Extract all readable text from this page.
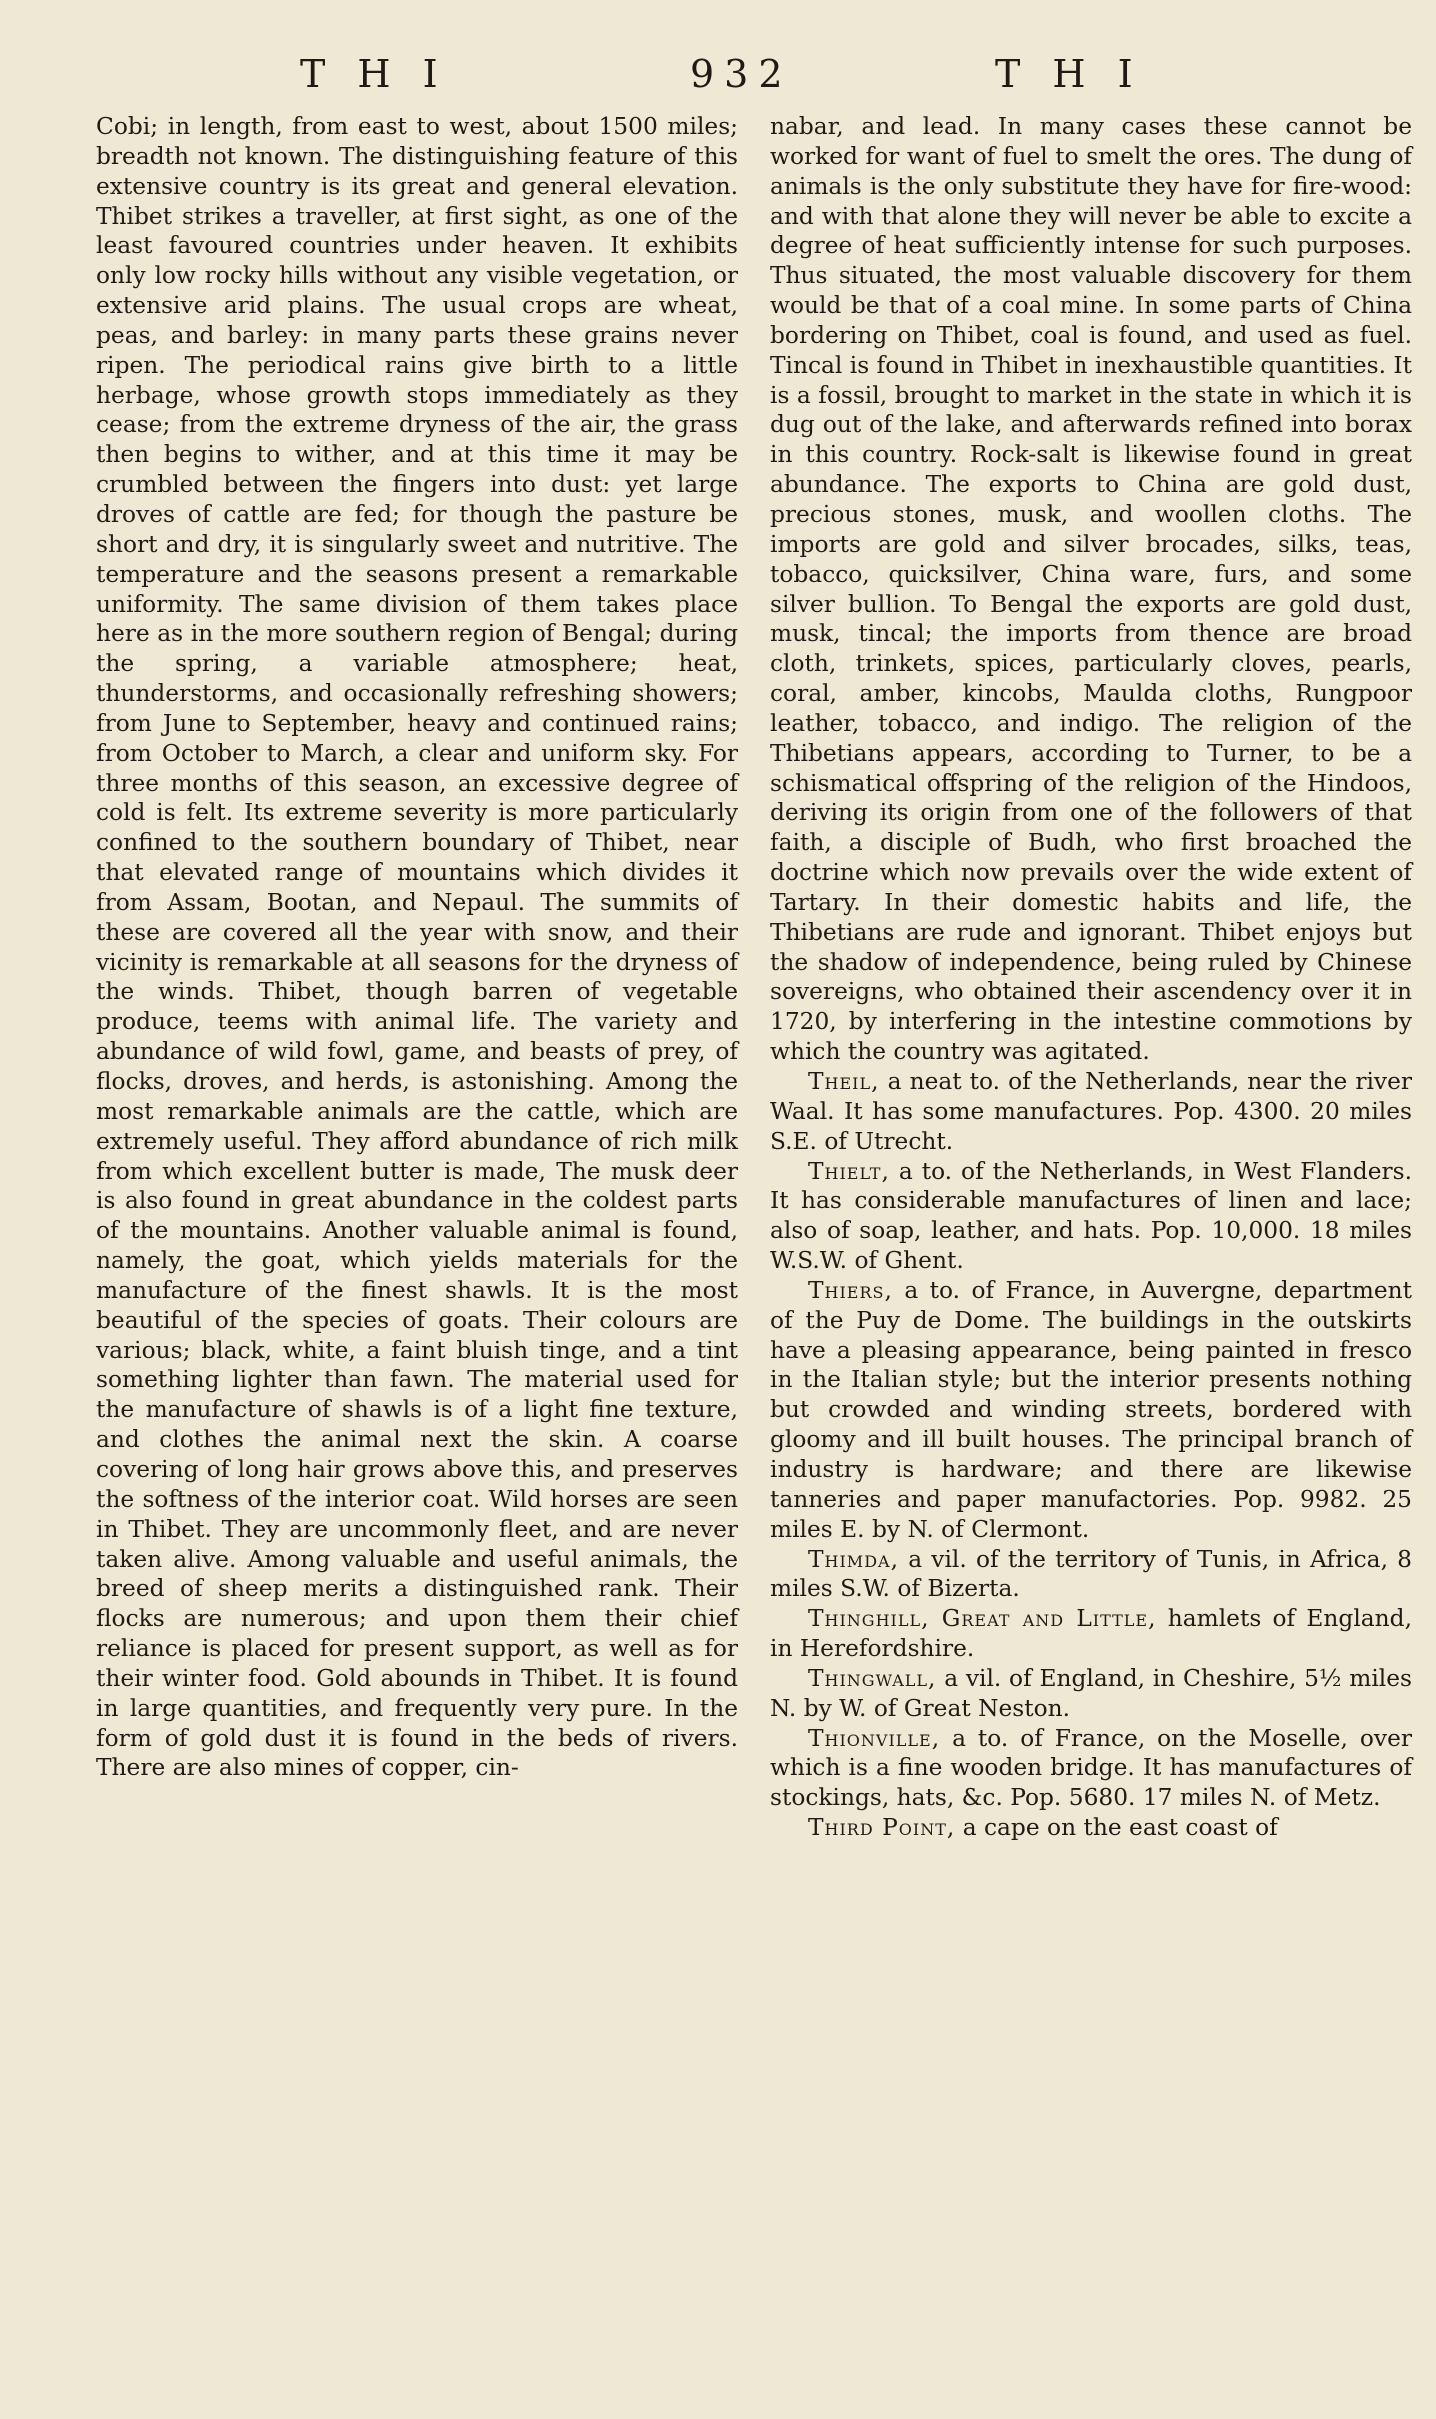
T H I	932	T H I

Cobi; in length, from east to west, about 1500 miles; breadth not known. The distinguishing feature of this extensive country is its great and general elevation. Thibet strikes a traveller, at first sight, as one of the least favoured countries under heaven. It exhibits only low rocky hills without any visible vegetation, or extensive arid plains. The usual crops are wheat, peas, and barley: in many parts these grains never ripen. The periodical rains give birth to a little herbage, whose growth stops immediately as they cease; from the extreme dryness of the air, the grass then begins to wither, and at this time it may be crumbled between the fingers into dust: yet large droves of cattle are fed; for though the pasture be short and dry, it is singularly sweet and nutritive. The temperature and the seasons present a remarkable uniformity. The same division of them takes place here as in the more southern region of Bengal; during the spring, a variable atmosphere; heat, thunderstorms, and occasionally refreshing showers; from June to September, heavy and continued rains; from October to March, a clear and uniform sky. For three months of this season, an excessive degree of cold is felt. Its extreme severity is more particularly confined to the southern boundary of Thibet, near that elevated range of mountains which divides it from Assam, Bootan, and Nepaul. The summits of these are covered all the year with snow, and their vicinity is remarkable at all seasons for the dryness of the winds. Thibet, though barren of vegetable produce, teems with animal life. The variety and abundance of wild fowl, game, and beasts of prey, of flocks, droves, and herds, is astonishing. Among the most remarkable animals are the cattle, which are extremely useful. They afford abundance of rich milk from which excellent butter is made, The musk deer is also found in great abundance in the coldest parts of the mountains. Another valuable animal is found, namely, the goat, which yields materials for the manufacture of the finest shawls. It is the most beautiful of the species of goats. Their colours are various; black, white, a faint bluish tinge, and a tint something lighter than fawn. The material used for the manufacture of shawls is of a light fine texture, and clothes the animal next the skin. A coarse covering of long hair grows above this, and preserves the softness of the interior coat. Wild horses are seen in Thibet. They are uncommonly fleet, and are never taken alive. Among valuable and useful animals, the breed of sheep merits a distinguished rank. Their flocks are numerous; and upon them their chief reliance is placed for present support, as well as for their winter food. Gold abounds in Thibet. It is found in large quantities, and frequently very pure. In the form of gold dust it is found in the beds of rivers. There are also mines of copper, cin-

nabar, and lead. In many cases these cannot be worked for want of fuel to smelt the ores. The dung of animals is the only substitute they have for fire-wood: and with that alone they will never be able to excite a degree of heat sufficiently intense for such purposes. Thus situated, the most valuable discovery for them would be that of a coal mine. In some parts of China bordering on Thibet, coal is found, and used as fuel. Tincal is found in Thibet in inexhaustible quantities. It is a fossil, brought to market in the state in which it is dug out of the lake, and afterwards refined into borax in this country. Rock-salt is likewise found in great abundance. The exports to China are gold dust, precious stones, musk, and woollen cloths. The imports are gold and silver brocades, silks, teas, tobacco, quicksilver, China ware, furs, and some silver bullion. To Bengal the exports are gold dust, musk, tincal; the imports from thence are broad cloth, trinkets, spices, particularly cloves, pearls, coral, amber, kincobs, Maulda cloths, Rungpoor leather, tobacco, and indigo. The religion of the Thibetians appears, according to Turner, to be a schismatical offspring of the religion of the Hindoos, deriving its origin from one of the followers of that faith, a disciple of Budh, who first broached the doctrine which now prevails over the wide extent of Tartary. In their domestic habits and life, the Thibetians are rude and ignorant. Thibet enjoys but the shadow of independence, being ruled by Chinese sovereigns, who obtained their ascendency over it in 1720, by interfering in the intestine commotions by which the country was agitated.

Theil, a neat to. of the Netherlands, near the river Waal. It has some manufactures. Pop. 4300. 20 miles S.E. of Utrecht.

Thielt, a to. of the Netherlands, in West Flanders. It has considerable manufactures of linen and lace; also of soap, leather, and hats. Pop. 10,000. 18 miles W.S.W. of Ghent.

Thiers, a to. of France, in Auvergne, department of the Puy de Dome. The buildings in the outskirts have a pleasing appearance, being painted in fresco in the Italian style; but the interior presents nothing but crowded and winding streets, bordered with gloomy and ill built houses. The principal branch of industry is hardware; and there are likewise tanneries and paper manufactories. Pop. 9982. 25 miles E. by N. of Clermont.

Thimda, a vil. of the territory of Tunis, in Africa, 8 miles S.W. of Bizerta.

Thinghill, Great and Little, hamlets of England, in Herefordshire.

Thingwall, a vil. of England, in Cheshire, 5½ miles N. by W. of Great Neston.

Thionville, a to. of France, on the Moselle, over which is a fine wooden bridge. It has manufactures of stockings, hats, &c. Pop. 5680. 17 miles N. of Metz.

Third Point, a cape on the east coast of
